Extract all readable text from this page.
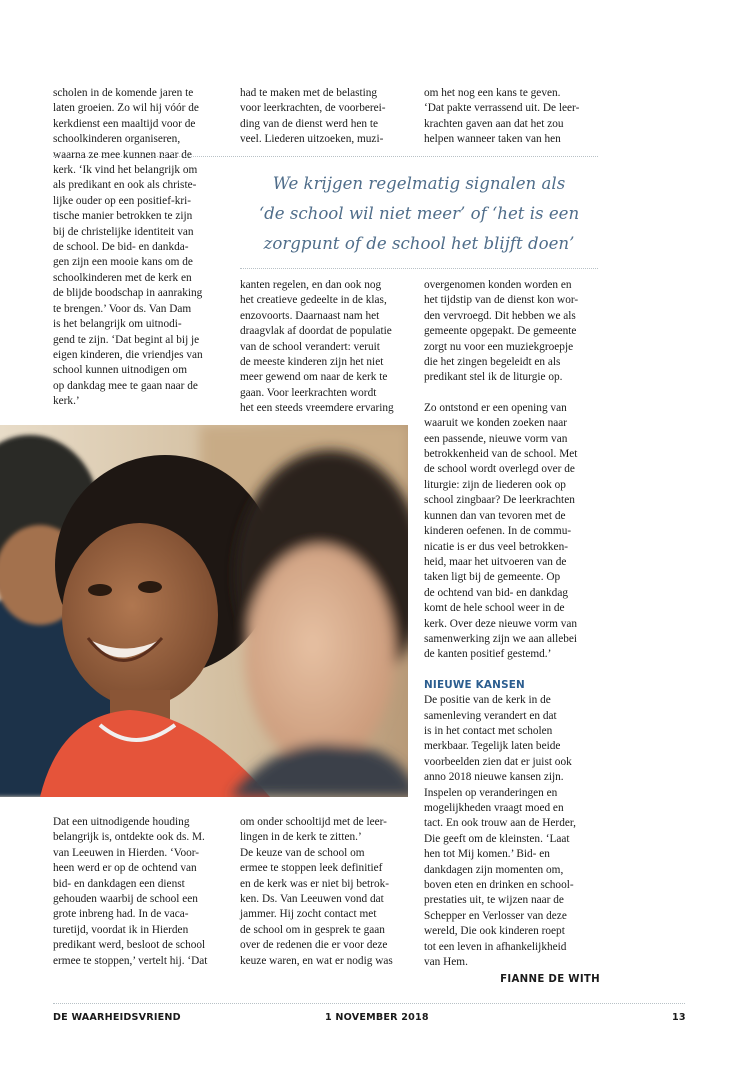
scholen in de komende jaren te
laten groeien. Zo wil hij vóór de
kerkdienst een maaltijd voor de
schoolkinderen organiseren,
waarna ze mee kunnen naar de
kerk. ‘Ik vind het belangrijk om
als predikant en ook als christe-
lijke ouder op een positief-kri-
tische manier betrokken te zijn
bij de christelijke identiteit van
de school. De bid- en dankda-
gen zijn een mooie kans om de
schoolkinderen met de kerk en
de blijde boodschap in aanraking
te brengen.’ Voor ds. Van Dam
is het belangrijk om uitnodi-
gend te zijn. ‘Dat begint al bij je
eigen kinderen, die vriendjes van
school kunnen uitnodigen om
op dankdag mee te gaan naar de
kerk.’
had te maken met de belasting
voor leerkrachten, de voorberei-
ding van de dienst werd hen te
veel. Liederen uitzoeken, muzi-
om het nog een kans te geven.
‘Dat pakte verrassend uit. De leer-
krachten gaven aan dat het zou
helpen wanneer taken van hen
We krijgen regelmatig signalen als
‘de school wil niet meer’ of ‘het is een
zorgpunt of de school het blijft doen’
kanten regelen, en dan ook nog
het creatieve gedeelte in de klas,
enzovoorts. Daarnaast nam het
draagvlak af doordat de populatie
van de school verandert: veruit
de meeste kinderen zijn het niet
meer gewend om naar de kerk te
gaan. Voor leerkrachten wordt
het een steeds vreemdere ervaring
overgenomen konden worden en
het tijdstip van de dienst kon wor-
den vervroegd. Dit hebben we als
gemeente opgepakt. De gemeente
zorgt nu voor een muziekgroepje
die het zingen begeleidt en als
predikant stel ik de liturgie op.
Zo ontstond er een opening van
waaruit we konden zoeken naar
een passende, nieuwe vorm van
betrokkenheid van de school. Met
de school wordt overlegd over de
liturgie: zijn de liederen ook op
school zingbaar? De leerkrachten
kunnen dan van tevoren met de
kinderen oefenen. In de commu-
nicatie is er dus veel betrokken-
heid, maar het uitvoeren van de
taken ligt bij de gemeente. Op
de ochtend van bid- en dankdag
komt de hele school weer in de
kerk. Over deze nieuwe vorm van
samenwerking zijn we aan allebei
de kanten positief gestemd.’
NIEUWE KANSEN
De positie van de kerk in de
samenleving verandert en dat
is in het contact met scholen
merkbaar. Tegelijk laten beide
voorbeelden zien dat er juist ook
anno 2018 nieuwe kansen zijn.
Inspelen op veranderingen en
mogelijkheden vraagt moed en
tact. En ook trouw aan de Herder,
Die geeft om de kleinsten. ‘Laat
hen tot Mij komen.’ Bid- en
dankdagen zijn momenten om,
boven eten en drinken en school-
prestaties uit, te wijzen naar de
Schepper en Verlosser van deze
wereld, Die ook kinderen roept
tot een leven in afhankelijkheid
van Hem.
FIANNE DE WITH
Dat een uitnodigende houding
belangrijk is, ontdekte ook ds. M.
van Leeuwen in Hierden. ‘Voor-
heen werd er op de ochtend van
bid- en dankdagen een dienst
gehouden waarbij de school een
grote inbreng had. In de vaca-
turetijd, voordat ik in Hierden
predikant werd, besloot de school
ermee te stoppen,’ vertelt hij. ‘Dat
om onder schooltijd met de leer-
lingen in de kerk te zitten.’
De keuze van de school om
ermee te stoppen leek definitief
en de kerk was er niet bij betrok-
ken. Ds. Van Leeuwen vond dat
jammer. Hij zocht contact met
de school om in gesprek te gaan
over de redenen die er voor deze
keuze waren, en wat er nodig was
DE WAARHEIDSVRIEND	1 NOVEMBER 2018	13
